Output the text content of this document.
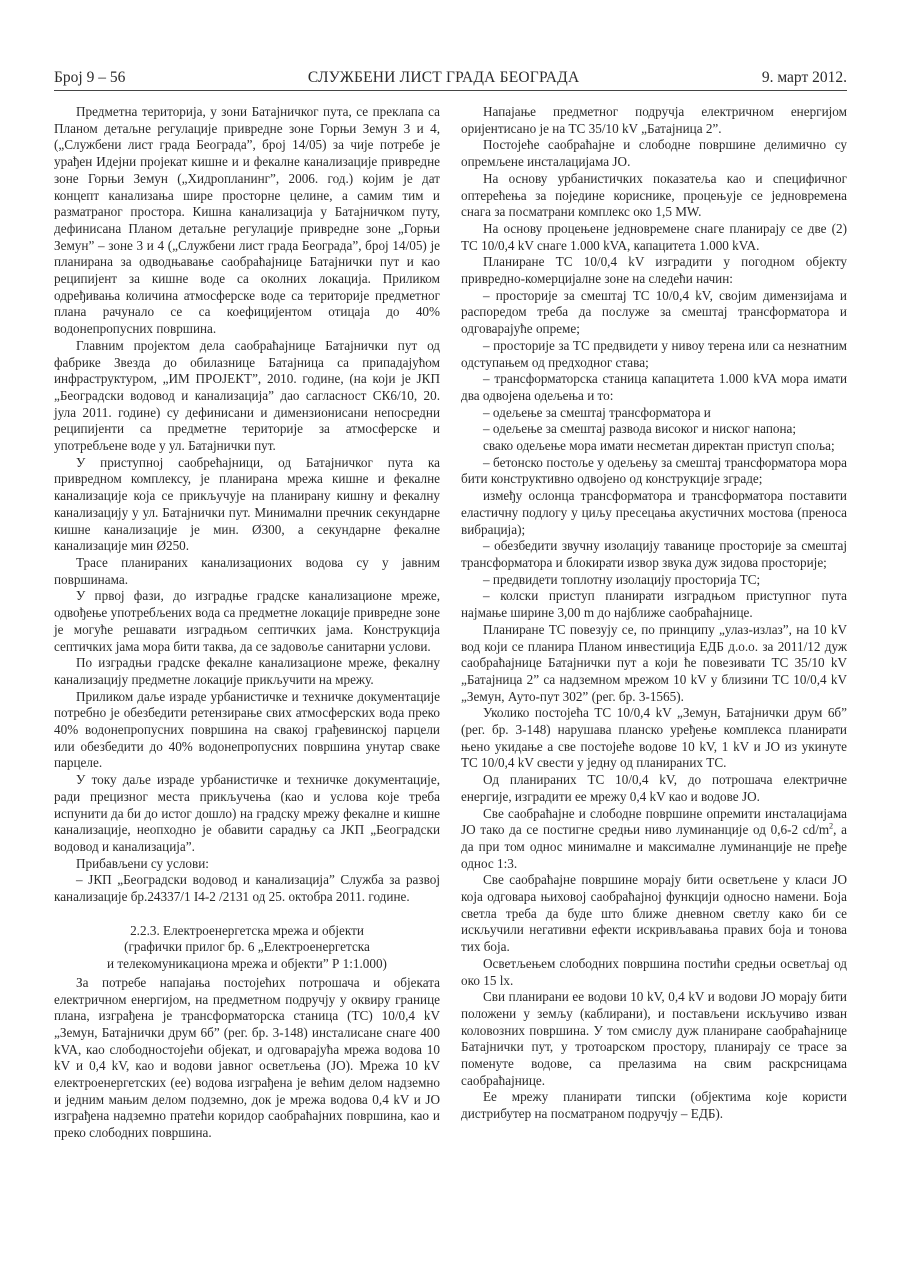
Број 9 – 56	СЛУЖБЕНИ ЛИСТ ГРАДА БЕОГРАДА	9. март 2012.

Предметна територија, у зони Батајничког пута, се преклапа са Планом детаљне регулације привредне зоне Горњи Земун 3 и 4, („Службени лист града Београда”, број 14/05) за чије потребе је урађен Идејни пројекат кишне и и фекалне канализације привредне зоне Горњи Земун („Хидропланинг”, 2006. год.) којим је дат концепт канализања шире просторне целине, а самим тим и разматраног простора. Кишна канализација у Батајничком путу, дефинисана Планом детаљне регулације привредне зоне „Горњи Земун” – зоне 3 и 4 („Службени лист града Београда”, број 14/05) је планирана за одводњавање саобраћајнице Батајнички пут и као реципијент за кишне воде са околних локација. Приликом одређивања количина атмосферске воде са територије предметног плана рачунало се са коефицијентом отицаја до 40% водонепропусних површина.

Главним пројектом дела саобраћајнице Батајнички пут од фабрике Звезда до обилазнице Батајница са припадајућом инфраструктуром, „ИМ ПРОЈЕКТ”, 2010. године, (на који је ЈКП „Београдски водовод и канализација” дао сагласност СК6/10, 20. јула 2011. године) су дефинисани и димензионисани непосредни реципијенти са предметне територије за атмосферске и употребљене воде у ул. Батајнички пут.

У приступној саобрећајници, од Батајничког пута ка привредном комплексу, је планирана мрежа кишне и фекалне канализације која се прикључује на планирану кишну и фекалну канализацију у ул. Батајнички пут. Минимални пречник секундарне кишне канализације је мин. Ø300, а секундарне фекалне канализације мин Ø250.

Трасе планираних канализационих водова су у јавним површинама.

У првој фази, до изградње градске канализационе мреже, одвођење употребљених вода са предметне локације привредне зоне је могуће решавати изградњом септичких јама. Конструкција септичких јама мора бити таква, да се задовоље санитарни услови.

По изградњи градске фекалне канализационе мреже, фекалну канализацију предметне локације прикључити на мрежу.

Приликом даље израде урбанистичке и техничке документације потребно је обезбедити ретензирање свих атмосферских вода преко 40% водонепропусних површина на свакој грађевинској парцели или обезбедити до 40% водонепропусних површина унутар сваке парцеле.

У току даље израде урбанистичке и техничке документације, ради прецизног места прикључења (као и услова које треба испунити да би до истог дошло) на градску мрежу фекалне и кишне канализације, неопходно је обавити сарадњу са ЈКП „Београдски водовод и канализација”.

Прибављени су услови:

– ЈКП „Београдски водовод и канализација” Служба за развој канализације бр.24337/1 I4-2 /2131 од 25. октобра 2011. године.

2.2.3. Електроенергетска мрежа и објекти
(графички прилог бр. 6 „Електроенергетска
и телекомуникациона мрежа и објекти” Р 1:1.000)

За потребе напајања постојећих потрошача и објеката електричном енергијом, на предметном подручју у оквиру границе плана, изграђена је трансформаторска станица (ТС) 10/0,4 kV „Земун, Батајнички друм 6б” (рег. бр. 3-148) инсталисане снаге 400 kVA, као слободностојећи објекат, и одговарајућа мрежа водова 10 kV и 0,4 kV, као и водови јавног осветљења (ЈО). Мрежа 10 kV електроенергетских (ее) водова изграђена је већим делом надземно и једним мањим делом подземно, док је мрежа водова 0,4 kV и ЈО изграђена надземно пратећи коридор саобраћајних површина, као и преко слободних површина.

Напајање предметног подручја електричном енергијом оријентисано је на ТС 35/10 kV „Батајница 2”.

Постојеће саобраћајне и слободне површине делимично су опремљене инсталацијама ЈО.

На основу урбанистичких показатеља као и специфичног оптерећења за поједине кориснике, процењује се једновремена снага за посматрани комплекс око 1,5 MW.

На основу процењене једновремене снаге планирају се две (2) ТС 10/0,4 kV снаге 1.000 kVA, капацитета 1.000 kVA.

Планиране ТС 10/0,4 kV изградити у погодном објекту привредно-комерцијалне зоне на следећи начин:

– просторије за смештај ТС 10/0,4 kV, својим димензијама и распоредом треба да послуже за смештај трансформатора и одговарајуће опреме;

– просторије за ТС предвидети у нивоу терена или са незнатним одступањем од предходног става;

– трансформаторска станица капацитета 1.000 kVA мора имати два одвојена одељења и то:

– одељење за смештај трансформатора и

– одељење за смештај развода високог и ниског напона;

свако одељење мора имати несметан директан приступ споља;

– бетонско постоље у одељењу за смештај трансформатора мора бити конструктивно одвојено од конструкције зграде;

између ослонца трансформатора и трансформатора поставити еластичну подлогу у циљу пресецања акустичних мостова (преноса вибрација);

– обезбедити звучну изолацију таванице просторије за смештај трансформатора и блокирати извор звука дуж зидова просторије;

– предвидети топлотну изолацију просторија ТС;

– колски приступ планирати изградњом приступног пута најмање ширине 3,00 m до најближе саобраћајнице.

Планиране ТС повезују се, по принципу „улаз-излаз”, на 10 kV вод који се планира Планом инвестиција ЕДБ д.о.о. за 2011/12 дуж саобраћајнице Батајнички пут а који ће повезивати ТС 35/10 kV „Батајница 2” са надземном мрежом 10 kV у близини ТС 10/0,4 kV „Земун, Ауто-пут 302” (рег. бр. 3-1565).

Уколико постојећа ТС 10/0,4 kV „Земун, Батајнички друм 6б” (рег. бр. 3-148) нарушава планско уређење комплекса планирати њено укидање а све постојеће водове 10 kV, 1 kV и ЈО из укинуте ТС 10/0,4 kV свести у једну од планираних ТС.

Од планираних ТС 10/0,4 kV, до потрошача електричне енергије, изградити ее мрежу 0,4 kV као и водове ЈО.

Све саобраћајне и слободне површине опремити инсталацијама ЈО тако да се постигне средњи ниво луминанције од 0,6-2 $cd/m^2$, а да при том однос минималне и максималне луминанције не пређе однос 1:3.

Све саобраћајне површине морају бити осветљене у класи ЈО која одговара њиховој саобраћајној функцији односно намени. Боја светла треба да буде што ближе дневном светлу како би се искључили негативни ефекти искривљавања правих боја и тонова тих боја.

Осветљењем слободних површина постићи средњи осветљај од око 15 lx.

Сви планирани ее водови 10 kV, 0,4 kV и водови ЈО морају бити положени у земљу (каблирани), и постављени искључиво изван коловозних површина. У том смислу дуж планиране саобраћајнице Батајнички пут, у тротоарском простору, планирају се трасе за поменуте водове, са прелазима на свим раскрсницама саобраћајнице.

Ее мрежу планирати типски (објектима које користи дистрибутер на посматраном подручју – ЕДБ).
